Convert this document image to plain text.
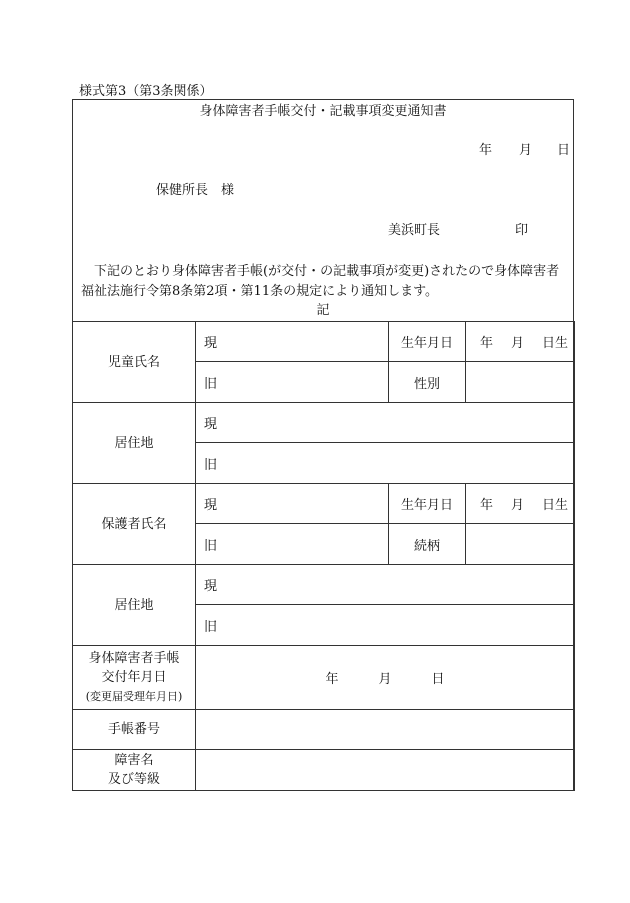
様式第3（第3条関係）
身体障害者手帳交付・記載事項変更通知書
年 月 日
保健所長　様
美浜町長	印
下記のとおり身体障害者手帳(が交付・の記載事項が変更)されたので身体障害者福祉法施行令第8条第2項・第11条の規定により通知します。
記
児童氏名	現	生年月日	年 月 日生
	旧	性別	
居住地	現		
	旧		
保護者氏名	現	生年月日	年 月 日生
	旧	続柄	
居住地	現		
	旧		

身体障害者手帳
交付年月日
(変更届受理年月日)	年 月 日		
手帳番号			

障害名
及び等級			
